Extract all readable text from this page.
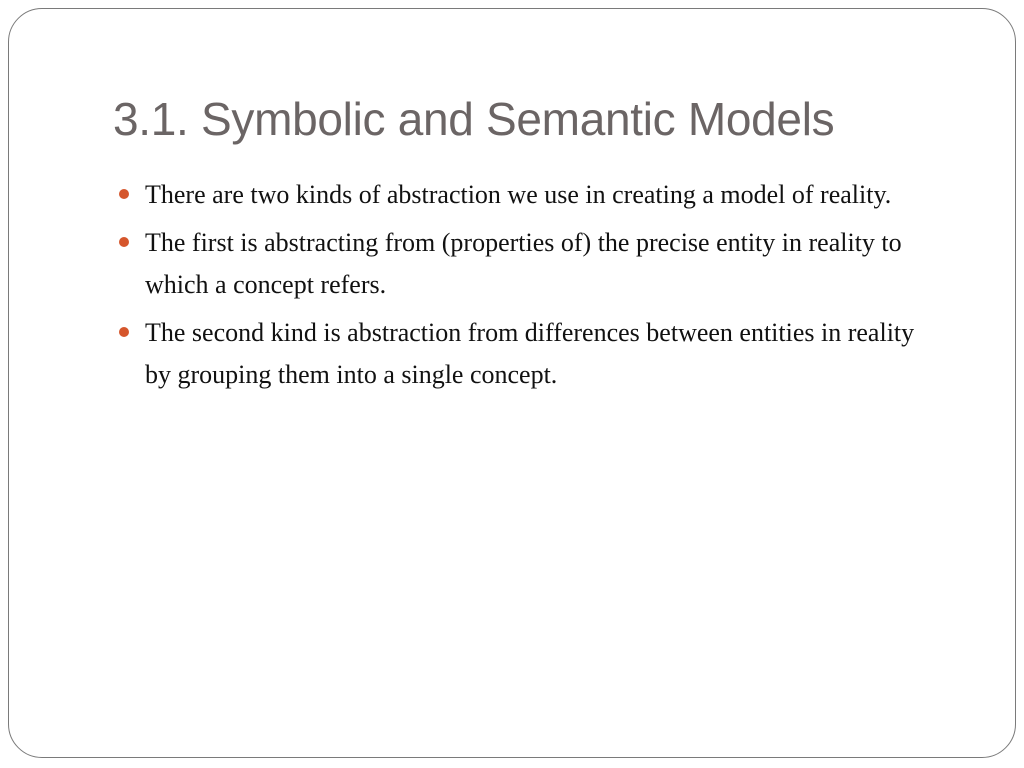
3.1. Symbolic and Semantic Models
There are two kinds of abstraction we use in creating a model of reality.
The first is abstracting from (properties of) the precise entity in reality to which a concept refers.
The second kind is abstraction from differences between entities in reality by grouping them into a single concept.
